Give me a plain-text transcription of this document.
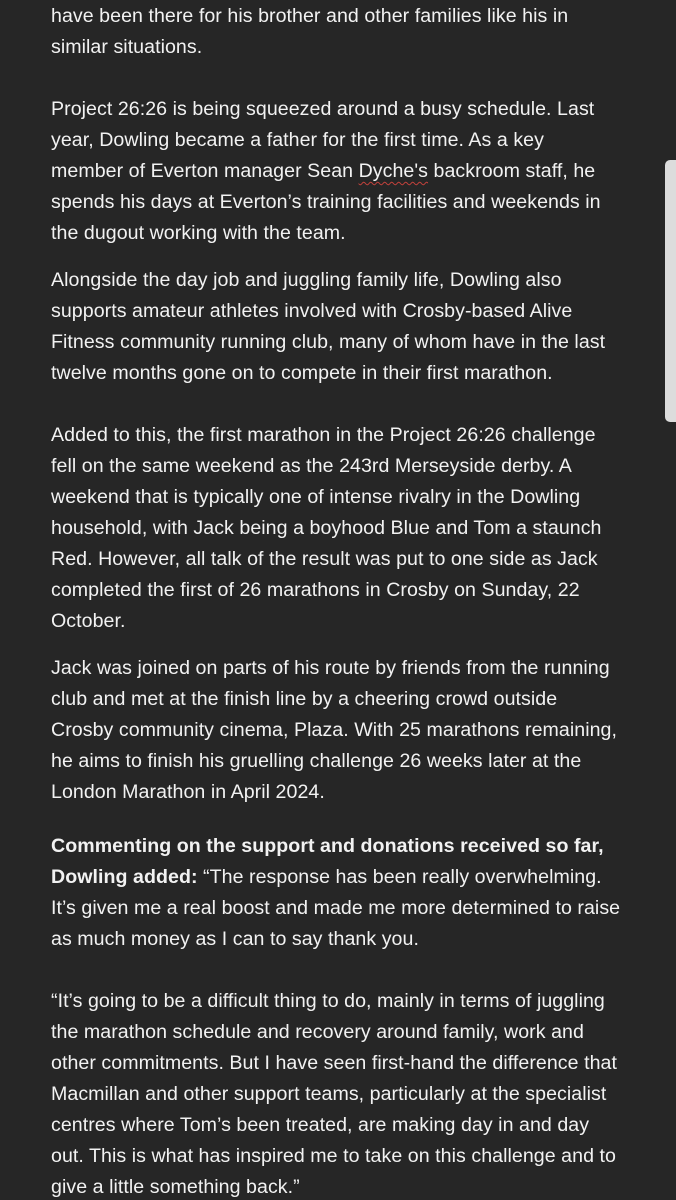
have been there for his brother and other families like his in similar situations.

Project 26:26 is being squeezed around a busy schedule. Last year, Dowling became a father for the first time. As a key member of Everton manager Sean Dyche's backroom staff, he spends his days at Everton’s training facilities and weekends in the dugout working with the team.

Alongside the day job and juggling family life, Dowling also supports amateur athletes involved with Crosby-based Alive Fitness community running club, many of whom have in the last twelve months gone on to compete in their first marathon.

Added to this, the first marathon in the Project 26:26 challenge fell on the same weekend as the 243rd Merseyside derby. A weekend that is typically one of intense rivalry in the Dowling household, with Jack being a boyhood Blue and Tom a staunch Red. However, all talk of the result was put to one side as Jack completed the first of 26 marathons in Crosby on Sunday, 22 October.

Jack was joined on parts of his route by friends from the running club and met at the finish line by a cheering crowd outside Crosby community cinema, Plaza. With 25 marathons remaining, he aims to finish his gruelling challenge 26 weeks later at the London Marathon in April 2024.

Commenting on the support and donations received so far, Dowling added: “The response has been really overwhelming. It’s given me a real boost and made me more determined to raise as much money as I can to say thank you.

“It’s going to be a difficult thing to do, mainly in terms of juggling the marathon schedule and recovery around family, work and other commitments. But I have seen first-hand the difference that Macmillan and other support teams, particularly at the specialist centres where Tom’s been treated, are making day in and day out. This is what has inspired me to take on this challenge and to give a little something back.”
